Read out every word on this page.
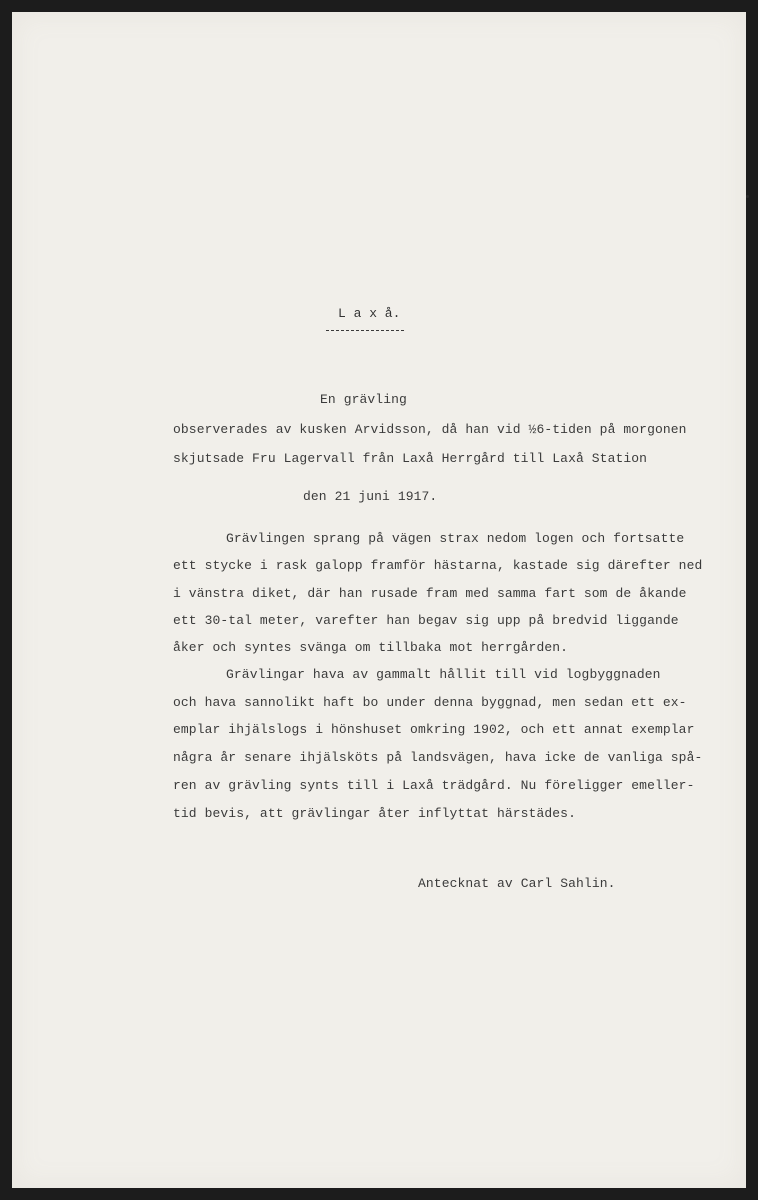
L a x å.
En grävling
observerades av kusken Arvidsson, då han vid ½6-tiden på morgonen
skjutsade Fru Lagervall från Laxå Herrgård till Laxå Station
den 21 juni 1917.
Grävlingen sprang på vägen strax nedom logen och fortsatte
ett stycke i rask galopp framför hästarna, kastade sig därefter ned
i vänstra diket, där han rusade fram med samma fart som de åkande
ett 30-tal meter, varefter han begav sig upp på bredvid liggande
åker och syntes svänga om tillbaka mot herrgården.
Grävlingar hava av gammalt hållit till vid logbyggnaden
och hava sannolikt haft bo under denna byggnad, men sedan ett ex-
emplar ihjälslogs i hönshuset omkring 1902, och ett annat exemplar
några år senare ihjälsköts på landsvägen, hava icke de vanliga spå-
ren av grävling synts till i Laxå trädgård. Nu föreligger emeller-
tid bevis, att grävlingar åter inflyttat härstädes.
Antecknat av Carl Sahlin.
